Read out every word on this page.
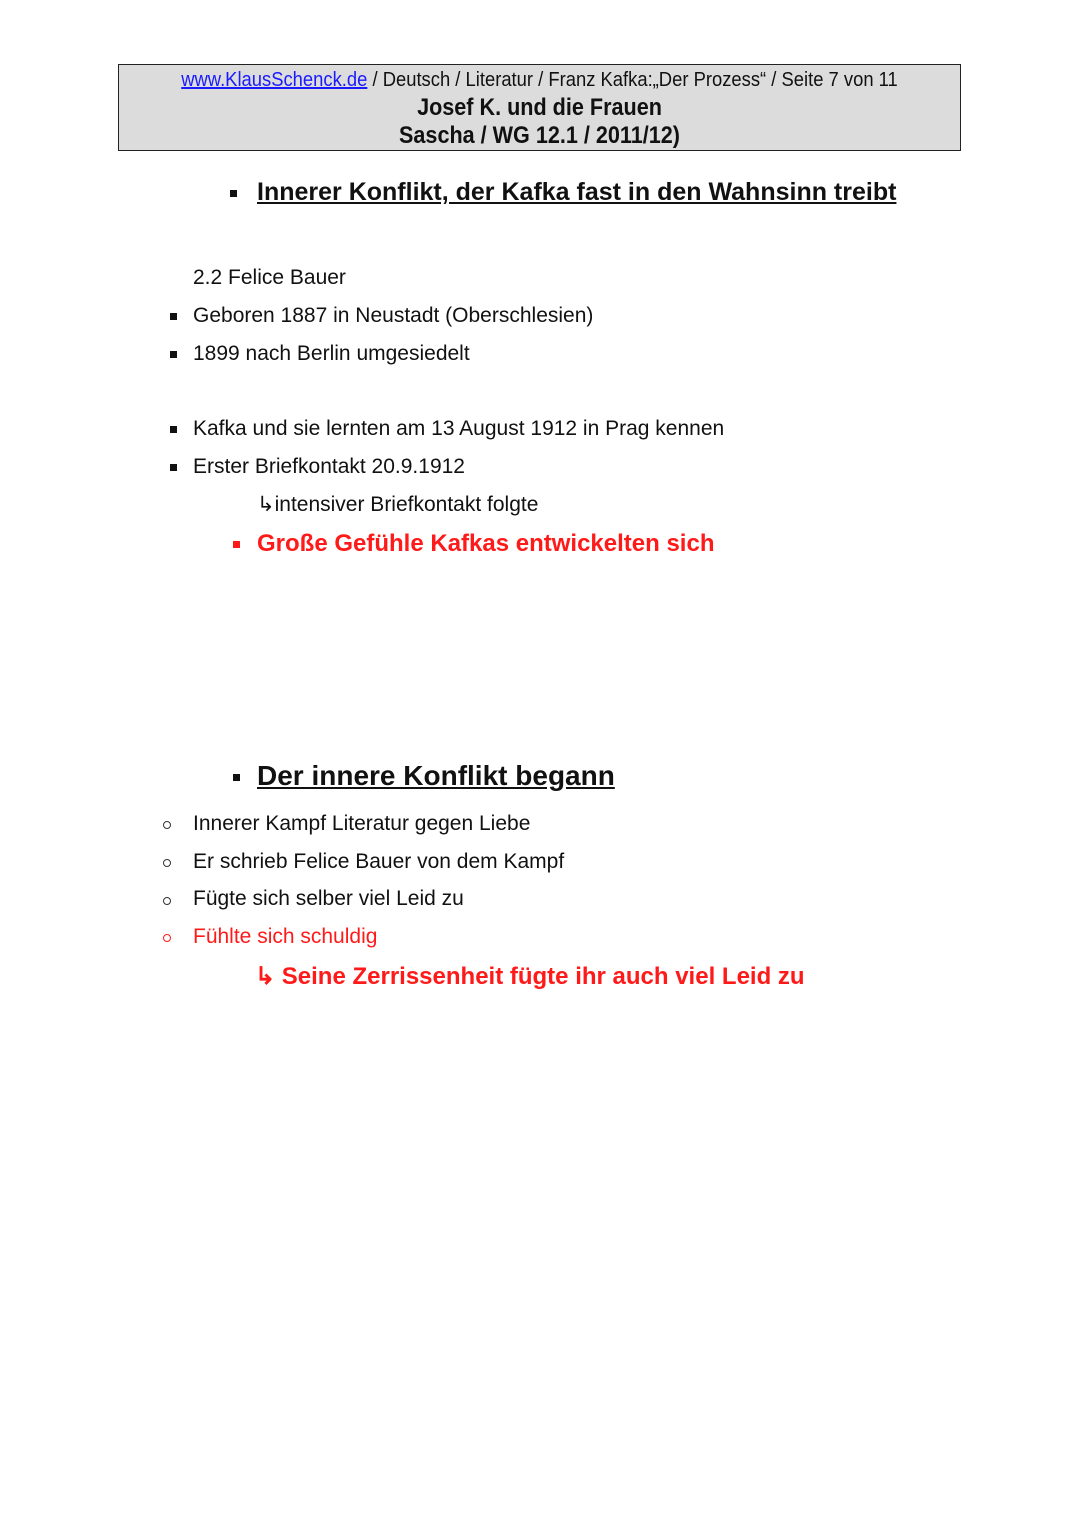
www.KlausSchenck.de / Deutsch / Literatur / Franz Kafka:„Der Prozess“ / Seite 7 von 11
Josef K. und die Frauen
Sascha / WG 12.1 / 2011/12)
Innerer Konflikt, der Kafka fast in den Wahnsinn treibt
2.2 Felice Bauer
Geboren 1887 in Neustadt (Oberschlesien)
1899 nach Berlin umgesiedelt
Kafka und sie lernten am 13 August 1912 in Prag kennen
Erster Briefkontakt 20.9.1912
↳intensiver Briefkontakt folgte
Große Gefühle Kafkas entwickelten sich
Der innere Konflikt begann
Innerer Kampf Literatur gegen Liebe
Er schrieb Felice Bauer von dem Kampf
Fügte sich selber viel Leid zu
Fühlte sich schuldig
↳ Seine Zerrissenheit fügte ihr auch viel Leid zu
